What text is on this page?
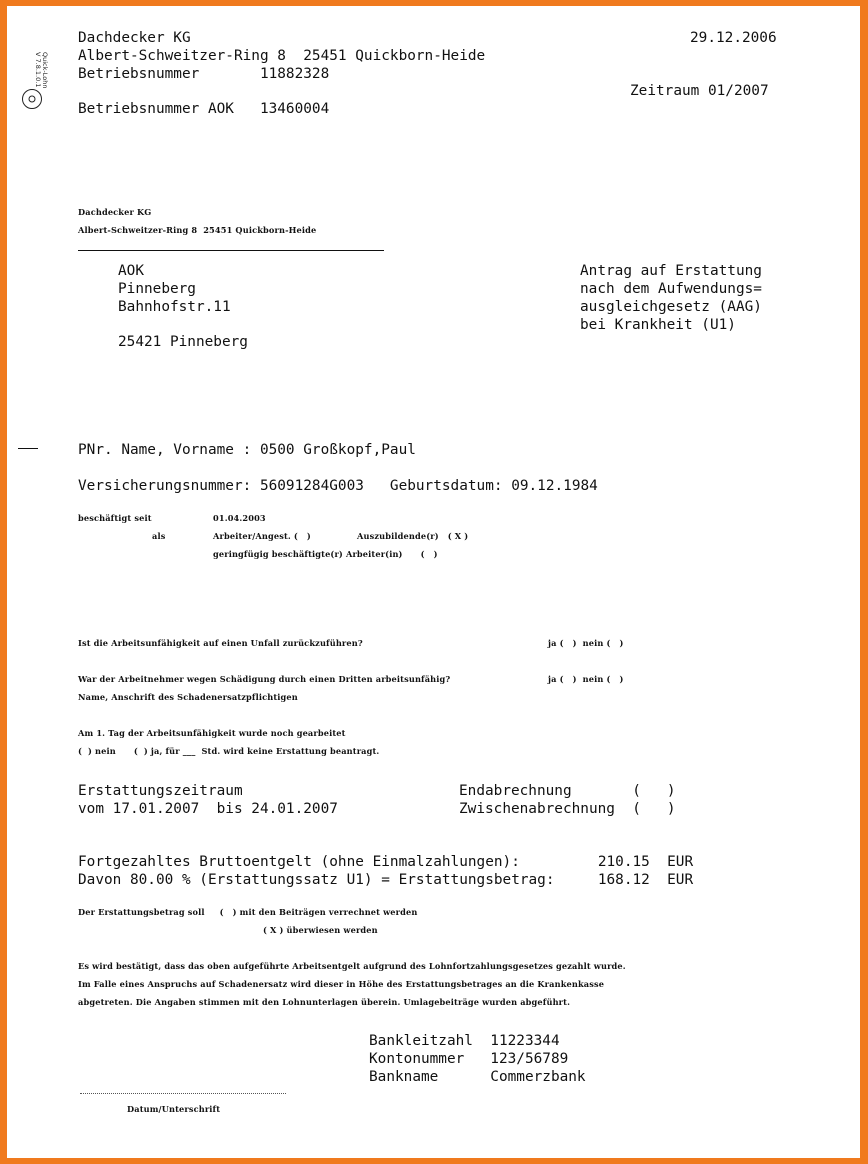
Quick-Lohn
V 7.8.1.0.1
Dachdecker KG	29.12.2006
Albert-Schweitzer-Ring 8  25451 Quickborn-Heide
Betriebsnummer       11882328
Zeitraum 01/2007
Betriebsnummer AOK   13460004
Dachdecker KG
Albert-Schweitzer-Ring 8  25451 Quickborn-Heide
AOK
Pinneberg
Bahnhofstr.11
25421 Pinneberg
Antrag auf Erstattung
nach dem Aufwendungs=
ausgleichgesetz (AAG)
bei Krankheit (U1)
PNr. Name, Vorname : 0500 Großkopf,Paul
Versicherungsnummer: 56091284G003   Geburtsdatum: 09.12.1984
beschäftigt seit	01.04.2003
als	Arbeiter/Angest. (   )	Auszubildende(r)   ( X )
geringfügig beschäftigte(r) Arbeiter(in)      (   )
Ist die Arbeitsunfähigkeit auf einen Unfall zurückzuführen?	ja (   )  nein (   )
War der Arbeitnehmer wegen Schädigung durch einen Dritten arbeitsunfähig?	ja (   )  nein (   )
Name, Anschrift des Schadenersatzpflichtigen
Am 1. Tag der Arbeitsunfähigkeit wurde noch gearbeitet
(  ) nein      (  ) ja, für ___  Std. wird keine Erstattung beantragt.
Erstattungszeitraum	Endabrechnung       (   )
vom 17.01.2007  bis 24.01.2007	Zwischenabrechnung  (   )
Fortgezahltes Bruttoentgelt (ohne Einmalzahlungen):         210.15  EUR
Davon 80.00 % (Erstattungssatz U1) = Erstattungsbetrag:     168.12  EUR
Der Erstattungsbetrag soll     (   ) mit den Beiträgen verrechnet werden
( X ) überwiesen werden
Es wird bestätigt, dass das oben aufgeführte Arbeitsentgelt aufgrund des Lohnfortzahlungsgesetzes gezahlt wurde.
Im Falle eines Anspruchs auf Schadenersatz wird dieser in Höhe des Erstattungsbetrages an die Krankenkasse
abgetreten. Die Angaben stimmen mit den Lohnunterlagen überein. Umlagebeiträge wurden abgeführt.
Bankleitzahl  11223344
Kontonummer   123/56789
Bankname      Commerzbank
Datum/Unterschrift
